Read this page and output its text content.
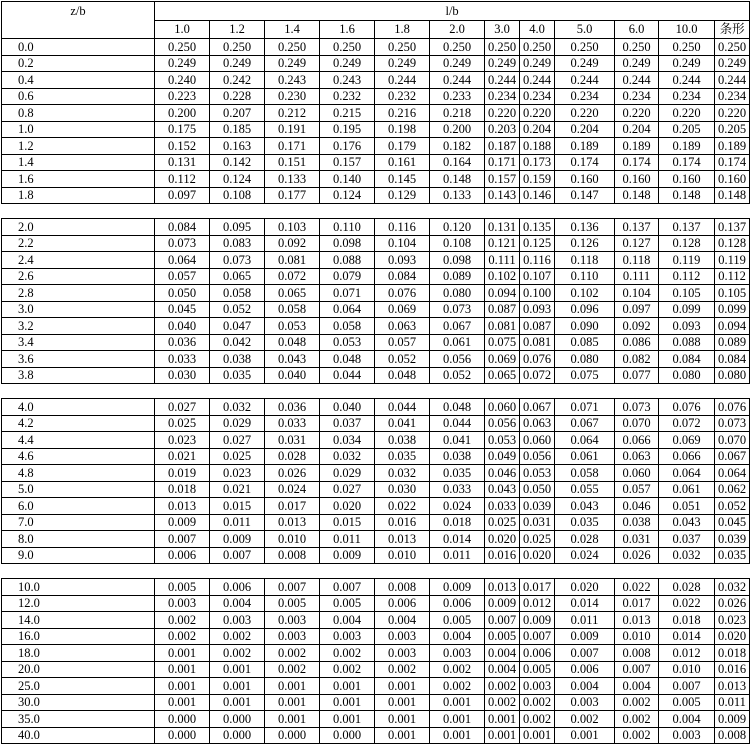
z/b	l/b											
	1.0	1.2	1.4	1.6	1.8	2.0	3.0	4.0	5.0	6.0	10.0	条形
0.0	0.250	0.250	0.250	0.250	0.250	0.250	0.250	0.250	0.250	0.250	0.250	0.250
0.2	0.249	0.249	0.249	0.249	0.249	0.249	0.249	0.249	0.249	0.249	0.249	0.249
0.4	0.240	0.242	0.243	0.243	0.244	0.244	0.244	0.244	0.244	0.244	0.244	0.244
0.6	0.223	0.228	0.230	0.232	0.232	0.233	0.234	0.234	0.234	0.234	0.234	0.234
0.8	0.200	0.207	0.212	0.215	0.216	0.218	0.220	0.220	0.220	0.220	0.220	0.220
1.0	0.175	0.185	0.191	0.195	0.198	0.200	0.203	0.204	0.204	0.204	0.205	0.205
1.2	0.152	0.163	0.171	0.176	0.179	0.182	0.187	0.188	0.189	0.189	0.189	0.189
1.4	0.131	0.142	0.151	0.157	0.161	0.164	0.171	0.173	0.174	0.174	0.174	0.174
1.6	0.112	0.124	0.133	0.140	0.145	0.148	0.157	0.159	0.160	0.160	0.160	0.160
1.8	0.097	0.108	0.177	0.124	0.129	0.133	0.143	0.146	0.147	0.148	0.148	0.148

2.0	0.084	0.095	0.103	0.110	0.116	0.120	0.131	0.135	0.136	0.137	0.137	0.137
2.2	0.073	0.083	0.092	0.098	0.104	0.108	0.121	0.125	0.126	0.127	0.128	0.128
2.4	0.064	0.073	0.081	0.088	0.093	0.098	0.111	0.116	0.118	0.118	0.119	0.119
2.6	0.057	0.065	0.072	0.079	0.084	0.089	0.102	0.107	0.110	0.111	0.112	0.112
2.8	0.050	0.058	0.065	0.071	0.076	0.080	0.094	0.100	0.102	0.104	0.105	0.105
3.0	0.045	0.052	0.058	0.064	0.069	0.073	0.087	0.093	0.096	0.097	0.099	0.099
3.2	0.040	0.047	0.053	0.058	0.063	0.067	0.081	0.087	0.090	0.092	0.093	0.094
3.4	0.036	0.042	0.048	0.053	0.057	0.061	0.075	0.081	0.085	0.086	0.088	0.089
3.6	0.033	0.038	0.043	0.048	0.052	0.056	0.069	0.076	0.080	0.082	0.084	0.084
3.8	0.030	0.035	0.040	0.044	0.048	0.052	0.065	0.072	0.075	0.077	0.080	0.080

4.0	0.027	0.032	0.036	0.040	0.044	0.048	0.060	0.067	0.071	0.073	0.076	0.076
4.2	0.025	0.029	0.033	0.037	0.041	0.044	0.056	0.063	0.067	0.070	0.072	0.073
4.4	0.023	0.027	0.031	0.034	0.038	0.041	0.053	0.060	0.064	0.066	0.069	0.070
4.6	0.021	0.025	0.028	0.032	0.035	0.038	0.049	0.056	0.061	0.063	0.066	0.067
4.8	0.019	0.023	0.026	0.029	0.032	0.035	0.046	0.053	0.058	0.060	0.064	0.064
5.0	0.018	0.021	0.024	0.027	0.030	0.033	0.043	0.050	0.055	0.057	0.061	0.062
6.0	0.013	0.015	0.017	0.020	0.022	0.024	0.033	0.039	0.043	0.046	0.051	0.052
7.0	0.009	0.011	0.013	0.015	0.016	0.018	0.025	0.031	0.035	0.038	0.043	0.045
8.0	0.007	0.009	0.010	0.011	0.013	0.014	0.020	0.025	0.028	0.031	0.037	0.039
9.0	0.006	0.007	0.008	0.009	0.010	0.011	0.016	0.020	0.024	0.026	0.032	0.035

10.0	0.005	0.006	0.007	0.007	0.008	0.009	0.013	0.017	0.020	0.022	0.028	0.032
12.0	0.003	0.004	0.005	0.005	0.006	0.006	0.009	0.012	0.014	0.017	0.022	0.026
14.0	0.002	0.003	0.003	0.004	0.004	0.005	0.007	0.009	0.011	0.013	0.018	0.023
16.0	0.002	0.002	0.003	0.003	0.003	0.004	0.005	0.007	0.009	0.010	0.014	0.020
18.0	0.001	0.002	0.002	0.002	0.003	0.003	0.004	0.006	0.007	0.008	0.012	0.018
20.0	0.001	0.001	0.002	0.002	0.002	0.002	0.004	0.005	0.006	0.007	0.010	0.016
25.0	0.001	0.001	0.001	0.001	0.001	0.002	0.002	0.003	0.004	0.004	0.007	0.013
30.0	0.001	0.001	0.001	0.001	0.001	0.001	0.002	0.002	0.003	0.002	0.005	0.011
35.0	0.000	0.000	0.001	0.001	0.001	0.001	0.001	0.002	0.002	0.002	0.004	0.009
40.0	0.000	0.000	0.000	0.000	0.001	0.001	0.001	0.001	0.001	0.002	0.003	0.008
